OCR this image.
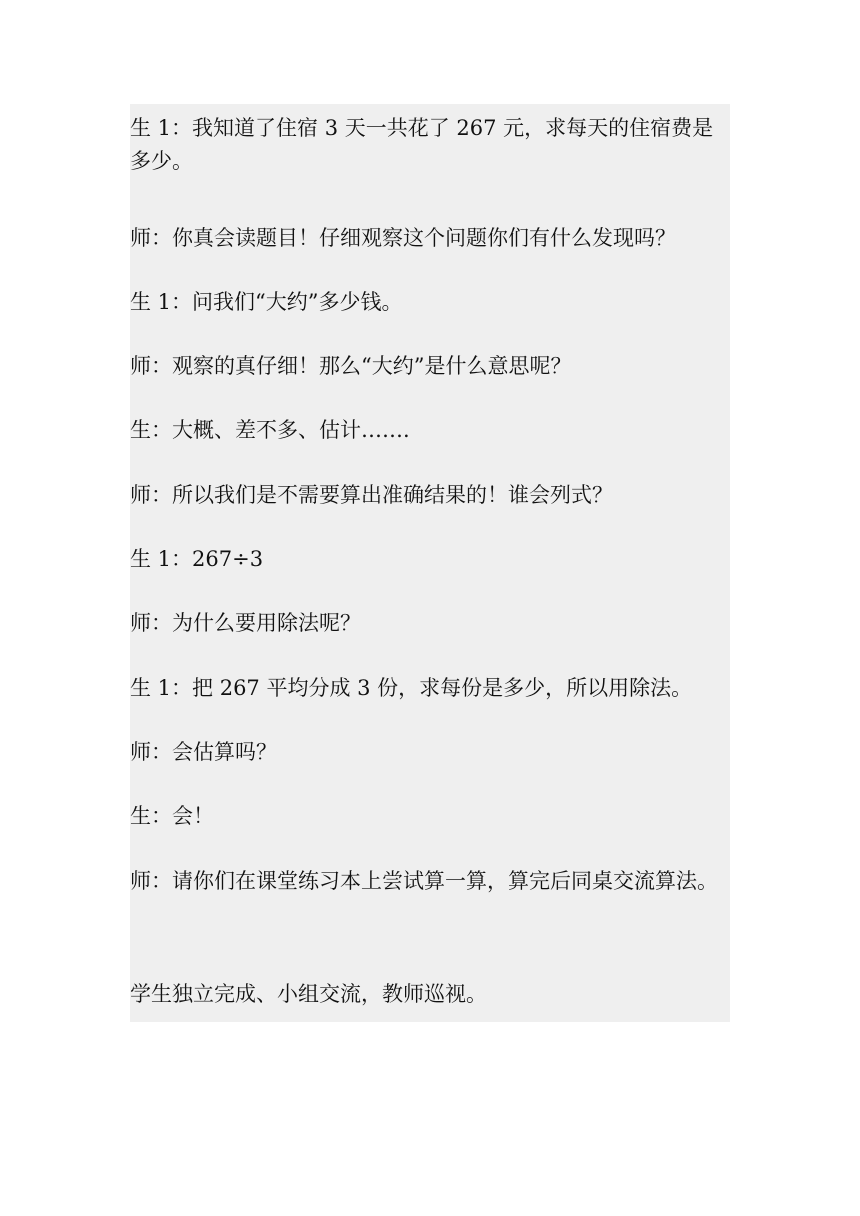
生 1：我知道了住宿 3 天一共花了 267 元，求每天的住宿费是多少。

师：你真会读题目！仔细观察这个问题你们有什么发现吗？

生 1：问我们“大约”多少钱。

师：观察的真仔细！那么“大约”是什么意思呢？

生：大概、差不多、估计…….

师：所以我们是不需要算出准确结果的！谁会列式？

生 1：267÷3

师：为什么要用除法呢？

生 1：把 267 平均分成 3 份，求每份是多少，所以用除法。

师：会估算吗？

生：会！

师：请你们在课堂练习本上尝试算一算，算完后同桌交流算法。

学生独立完成、小组交流，教师巡视。
